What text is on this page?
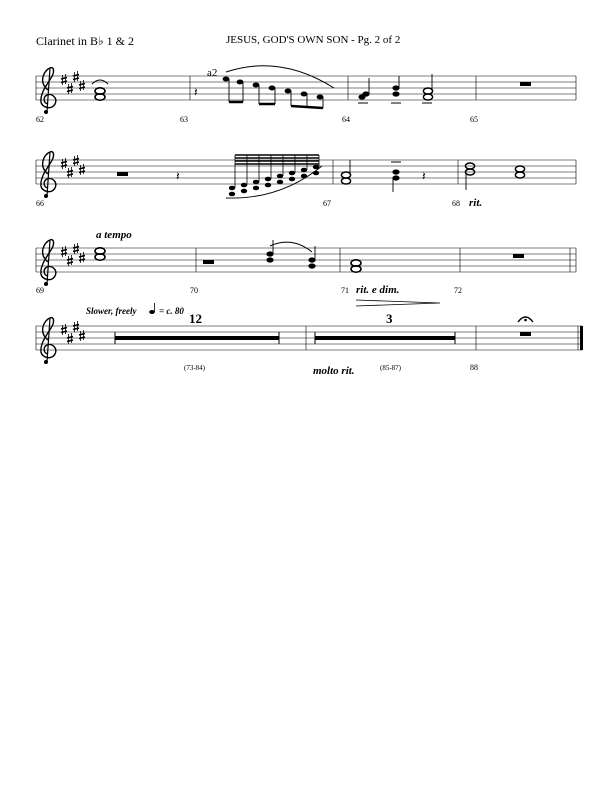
Clarinet in B♭ 1 & 2	JESUS, GOD'S OWN SON - Pg. 2 of 2
𝄽
a2
62	63	64	65
𝄽	𝄽
66	67	68 rit.
a tempo
69	70	71	72
rit. e dim.
Slower, freely	= c. 80 12
(73-84)
3
(85-87)
molto rit.	88
